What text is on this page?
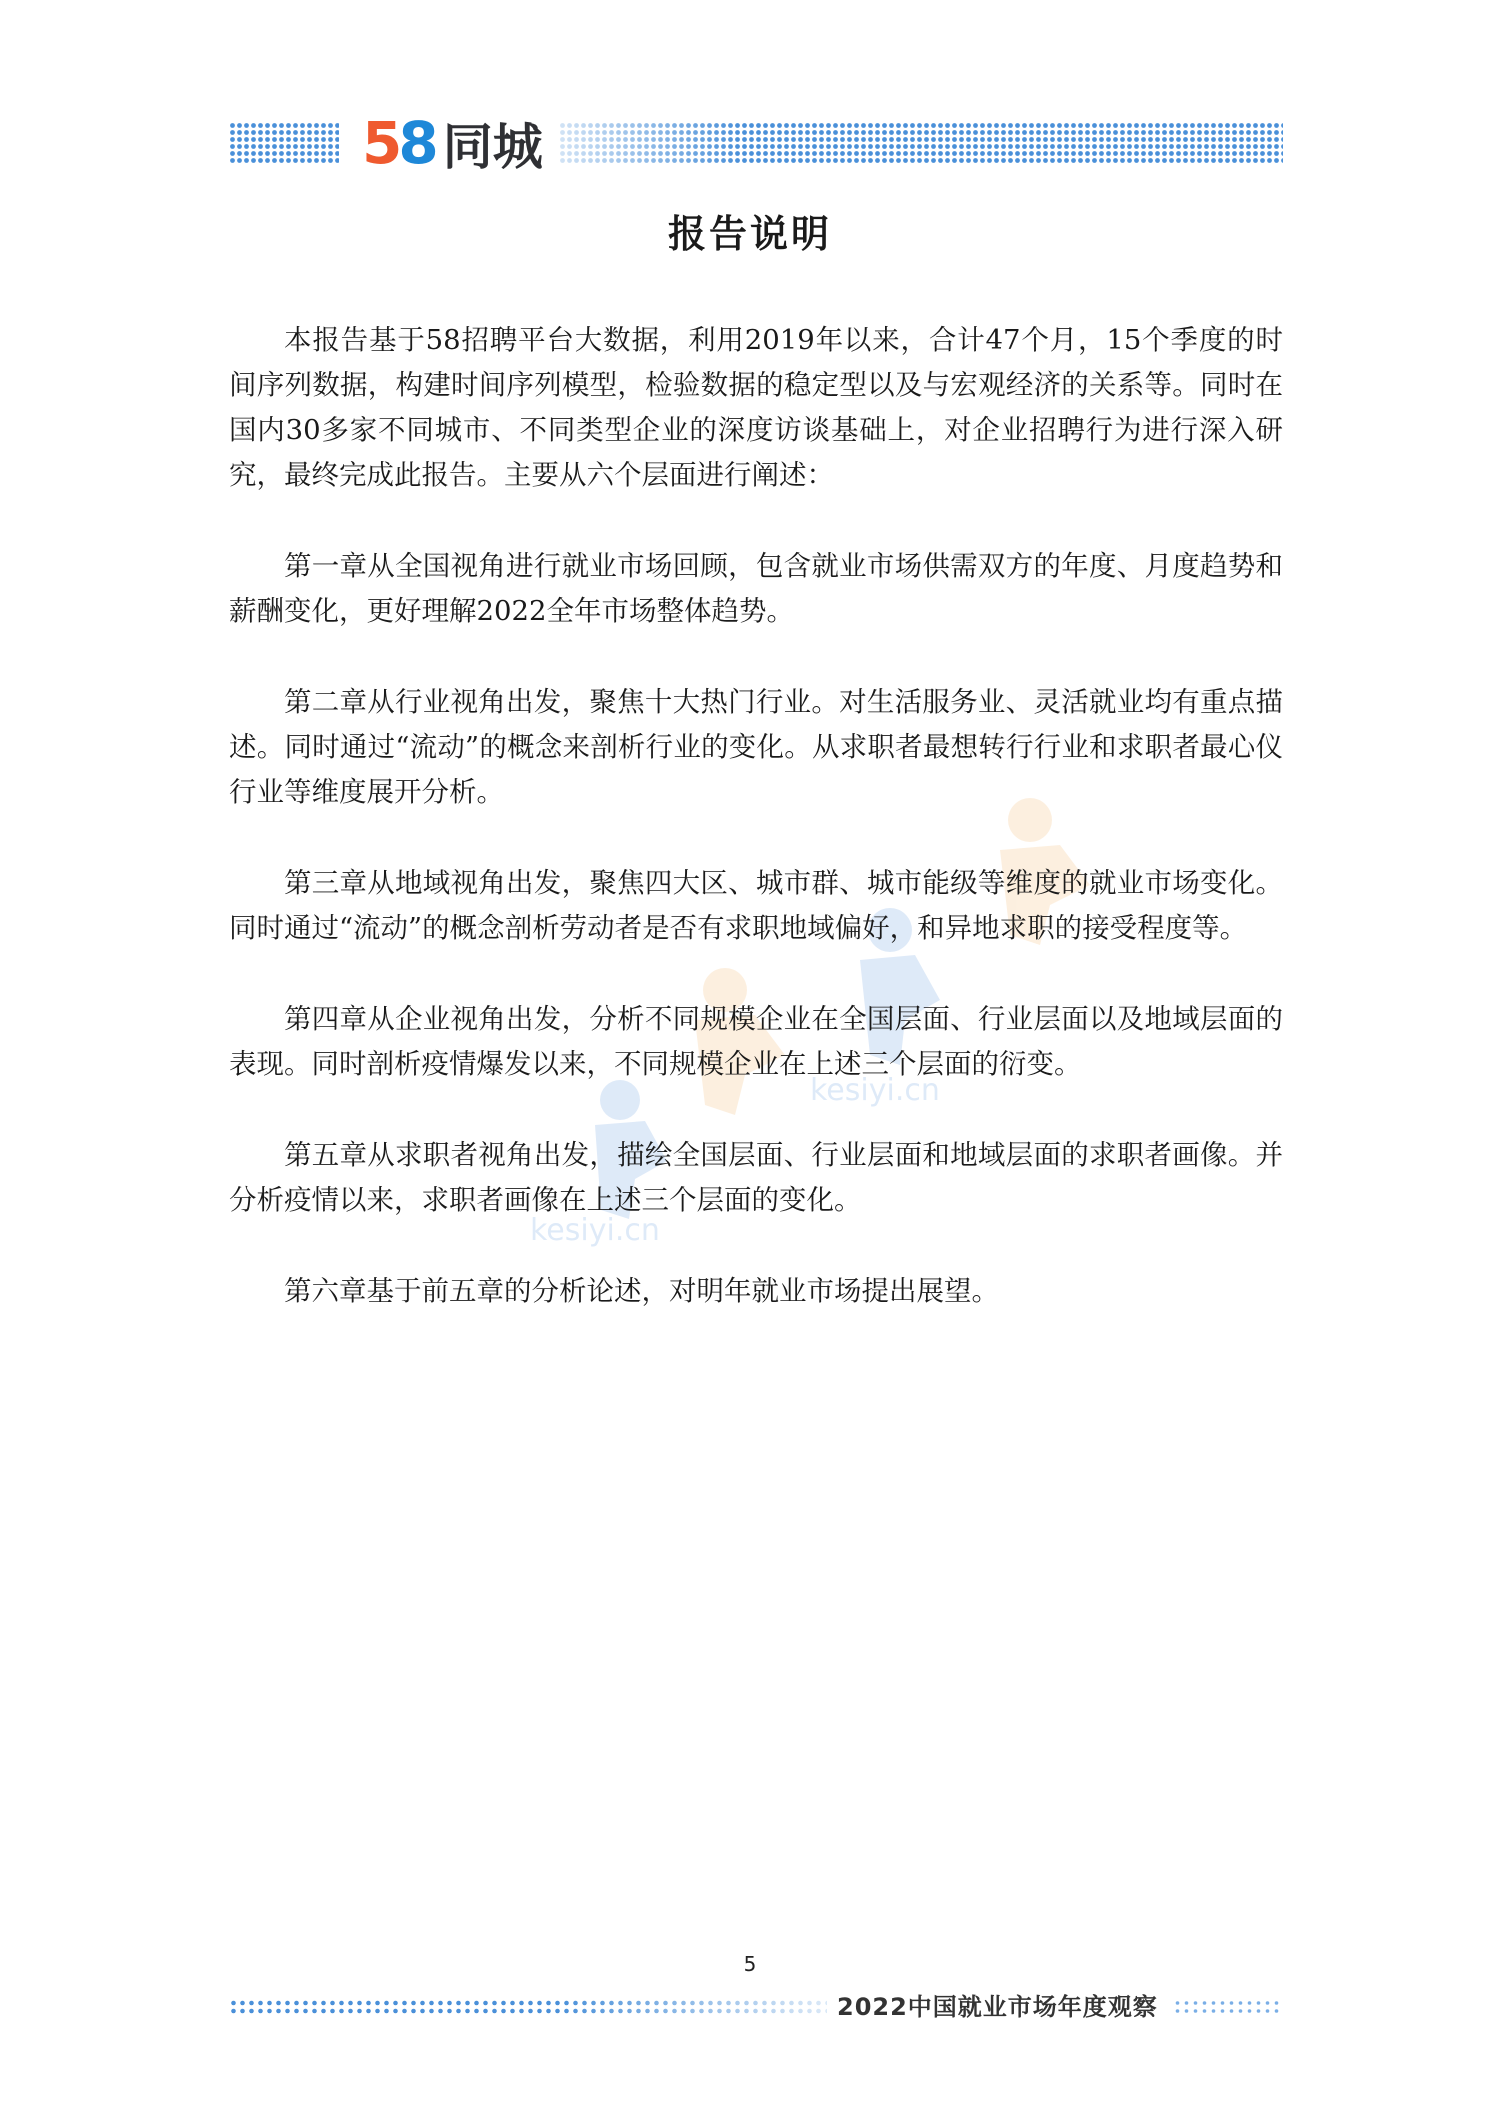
5 8 同城
报告说明
kesiyi.cn
kesiyi.cn

本报告基于58招聘平台大数据，利用2019年以来，合计47个月，15个季度的时间序列数据，构建时间序列模型，检验数据的稳定型以及与宏观经济的关系等。同时在国内30多家不同城市、不同类型企业的深度访谈基础上，对企业招聘行为进行深入研究，最终完成此报告。主要从六个层面进行阐述：

第一章从全国视角进行就业市场回顾，包含就业市场供需双方的年度、月度趋势和薪酬变化，更好理解2022全年市场整体趋势。

第二章从行业视角出发，聚焦十大热门行业。对生活服务业、灵活就业均有重点描述。同时通过“流动”的概念来剖析行业的变化。从求职者最想转行行业和求职者最心仪行业等维度展开分析。

第三章从地域视角出发，聚焦四大区、城市群、城市能级等维度的就业市场变化。同时通过“流动”的概念剖析劳动者是否有求职地域偏好，和异地求职的接受程度等。

第四章从企业视角出发，分析不同规模企业在全国层面、行业层面以及地域层面的表现。同时剖析疫情爆发以来，不同规模企业在上述三个层面的衍变。

第五章从求职者视角出发，描绘全国层面、行业层面和地域层面的求职者画像。并分析疫情以来，求职者画像在上述三个层面的变化。

第六章基于前五章的分析论述，对明年就业市场提出展望。

5
2022中国就业市场年度观察
